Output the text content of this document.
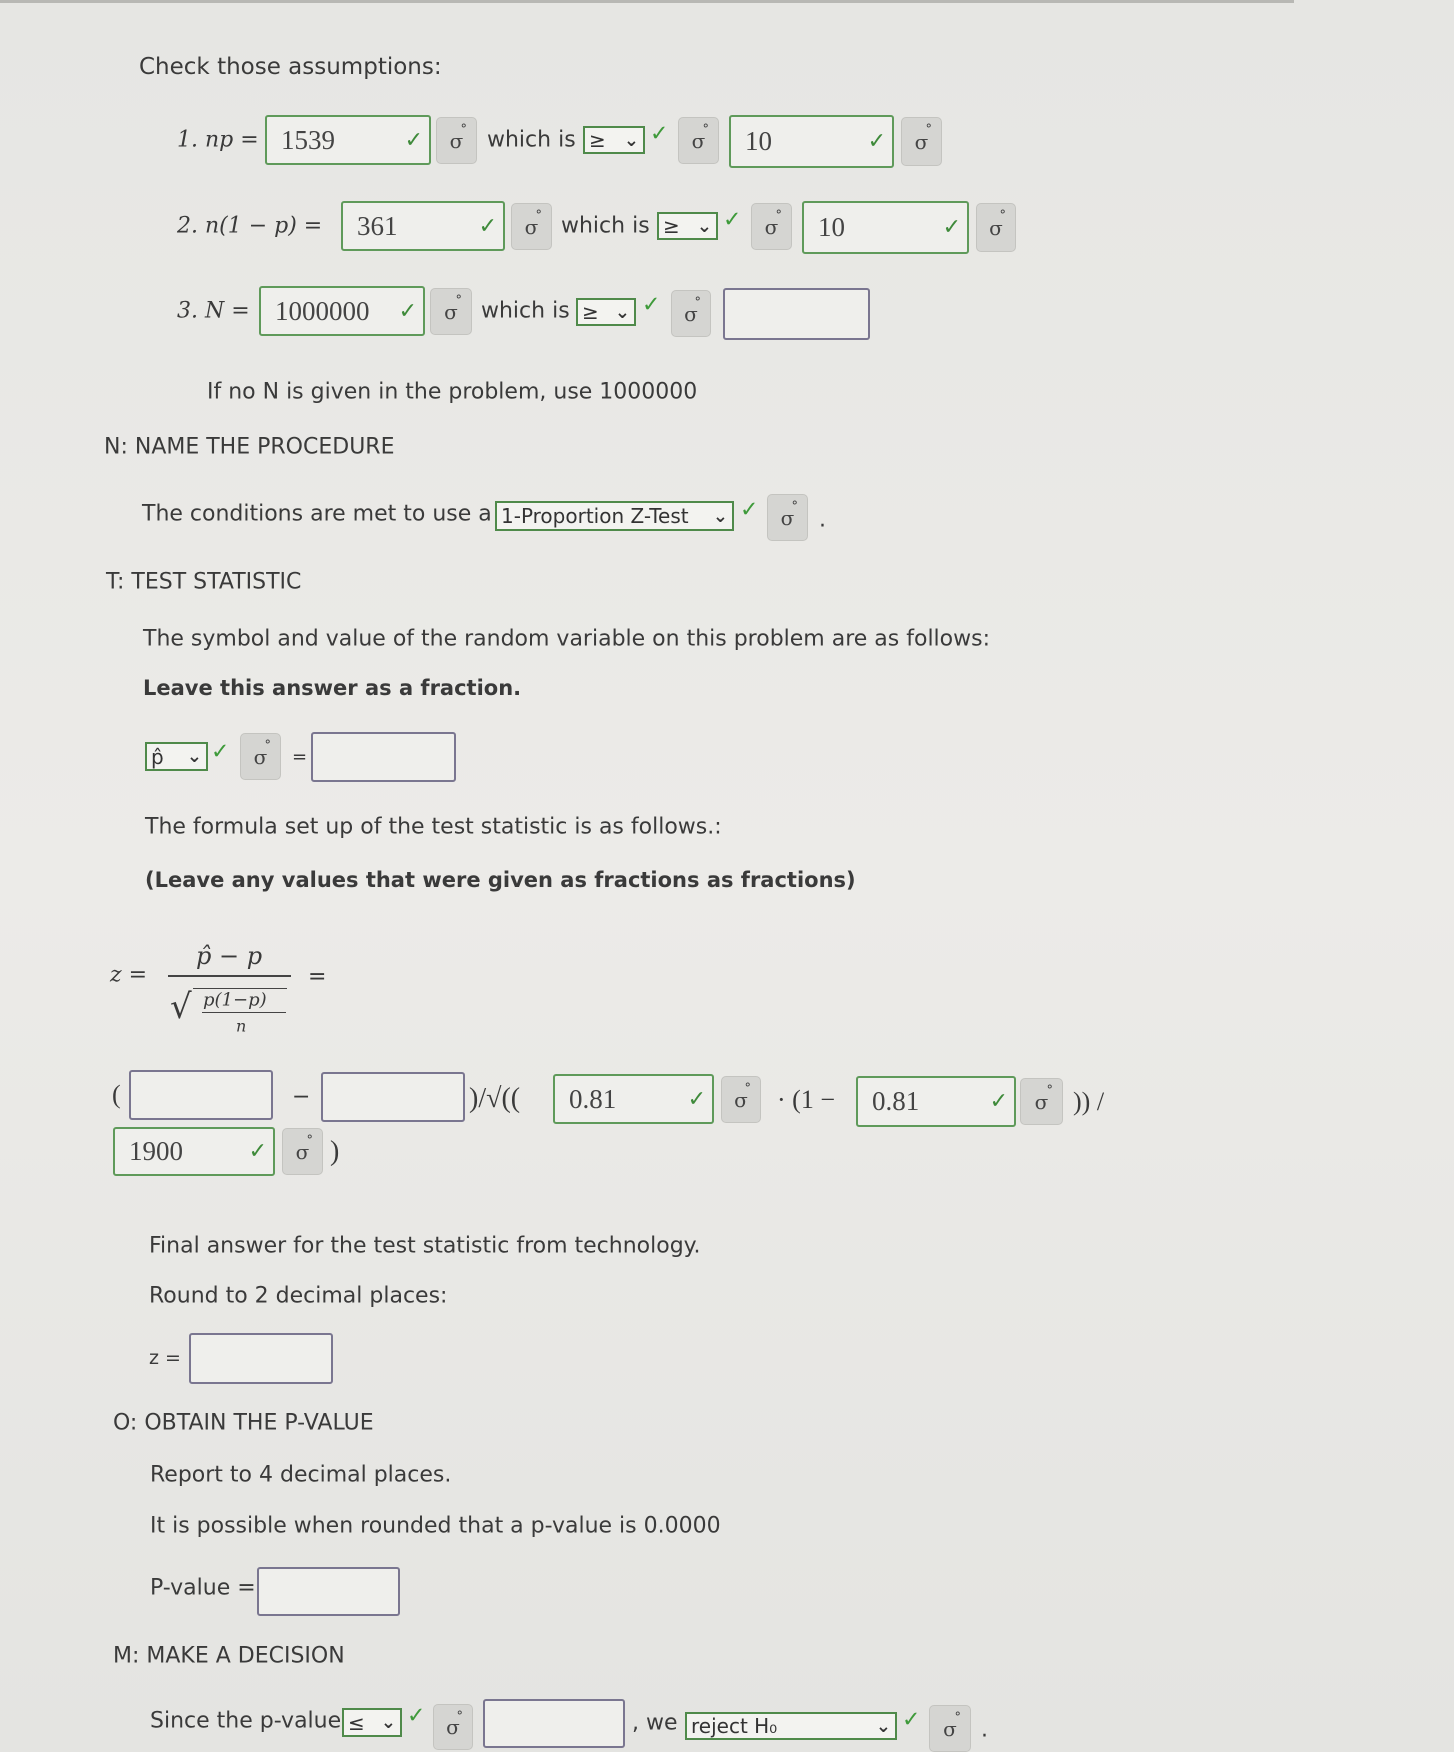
Check those assumptions:
1. np = 1539	✓ ° σ	which is ≥ ⌄ ✓ ° σ	10	✓
° σ
2. n(1 − p) = 361	✓ ° σ	which is ≥ ⌄ ✓ ° σ	10	✓
° σ
3. N = 1000000 ✓ ° σ	which is ≥ ⌄ ✓
° σ
If no N is given in the problem, use 1000000
N: NAME THE PROCEDURE
The conditions are met to use a 1-Proportion Z-Test ⌄ ✓ ° σ	.
T: TEST STATISTIC
The symbol and value of the random variable on this problem are as follows:
Leave this answer as a fraction.
p̂ ⌄ ✓ ° σ	=
The formula set up of the test statistic is as follows.:
(Leave any values that were given as fractions as fractions)
z =
p̂ − p
√ p(1−p)
n
=
(	−	)/√(( 0.81	✓ ° σ	· (1 − 0.81	✓ ° σ	)) /
1900	✓ ° σ )
Final answer for the test statistic from technology.
Round to 2 decimal places:
z =
O: OBTAIN THE P-VALUE
Report to 4 decimal places.
It is possible when rounded that a p-value is 0.0000
P-value =
M: MAKE A DECISION
Since the p-value ≤ ⌄ ✓ ° σ	, we reject H₀	⌄ ✓ ° σ	.
